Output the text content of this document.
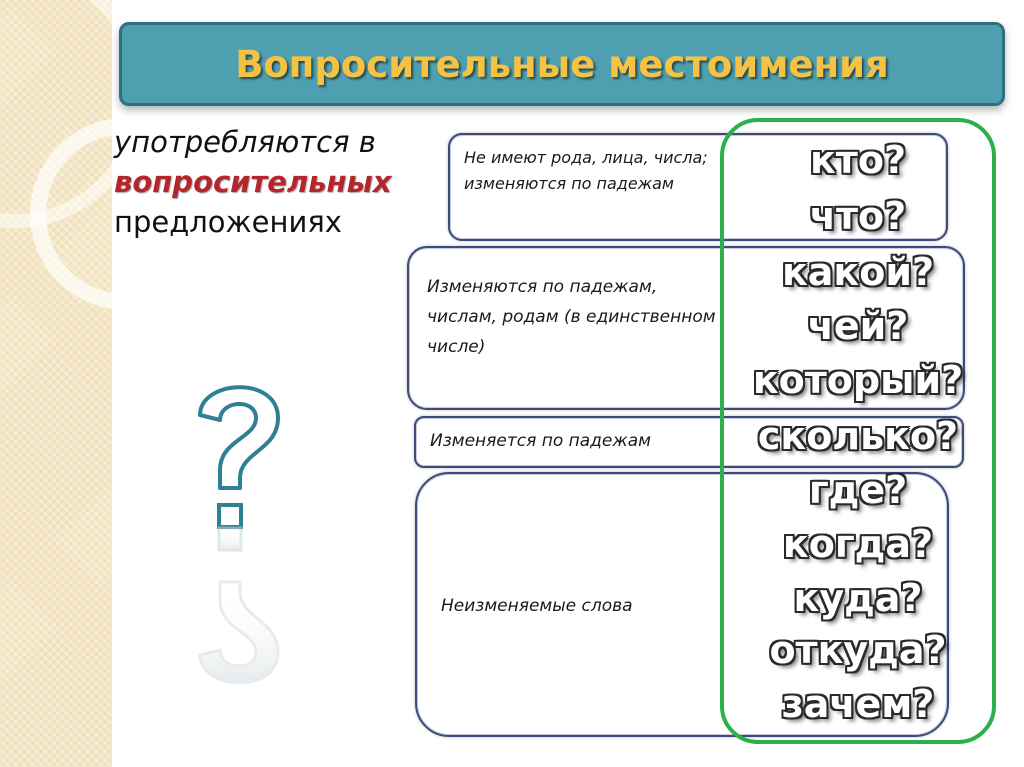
Вопросительные местоимения
употребляются в
вопросительных
предложениях
Не имеют рода, лица, числа; изменяются по падежам
Изменяются по падежам, числам, родам (в единственном числе)
Изменяется по падежам
Неизменяемые слова
кто?
что?
какой?
чей?
который?
сколько?
где?
когда?
куда?
откуда?
зачем?
